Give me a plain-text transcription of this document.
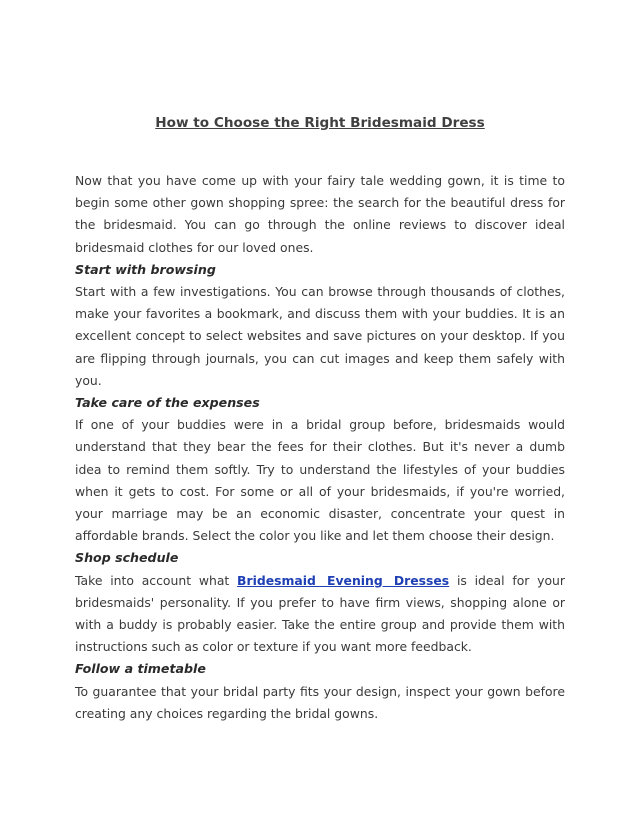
How to Choose the Right Bridesmaid Dress

Now that you have come up with your fairy tale wedding gown, it is time to begin some other gown shopping spree: the search for the beautiful dress for the bridesmaid. You can go through the online reviews to discover ideal bridesmaid clothes for our loved ones.

Start with browsing

Start with a few investigations. You can browse through thousands of clothes, make your favorites a bookmark, and discuss them with your buddies. It is an excellent concept to select websites and save pictures on your desktop. If you are flipping through journals, you can cut images and keep them safely with you.

Take care of the expenses

If one of your buddies were in a bridal group before, bridesmaids would understand that they bear the fees for their clothes. But it's never a dumb idea to remind them softly. Try to understand the lifestyles of your buddies when it gets to cost. For some or all of your bridesmaids, if you're worried, your marriage may be an economic disaster, concentrate your quest in affordable brands. Select the color you like and let them choose their design.

Shop schedule

Take into account what Bridesmaid Evening Dresses is ideal for your bridesmaids' personality. If you prefer to have firm views, shopping alone or with a buddy is probably easier. Take the entire group and provide them with instructions such as color or texture if you want more feedback.

Follow a timetable

To guarantee that your bridal party fits your design, inspect your gown before creating any choices regarding the bridal gowns.
